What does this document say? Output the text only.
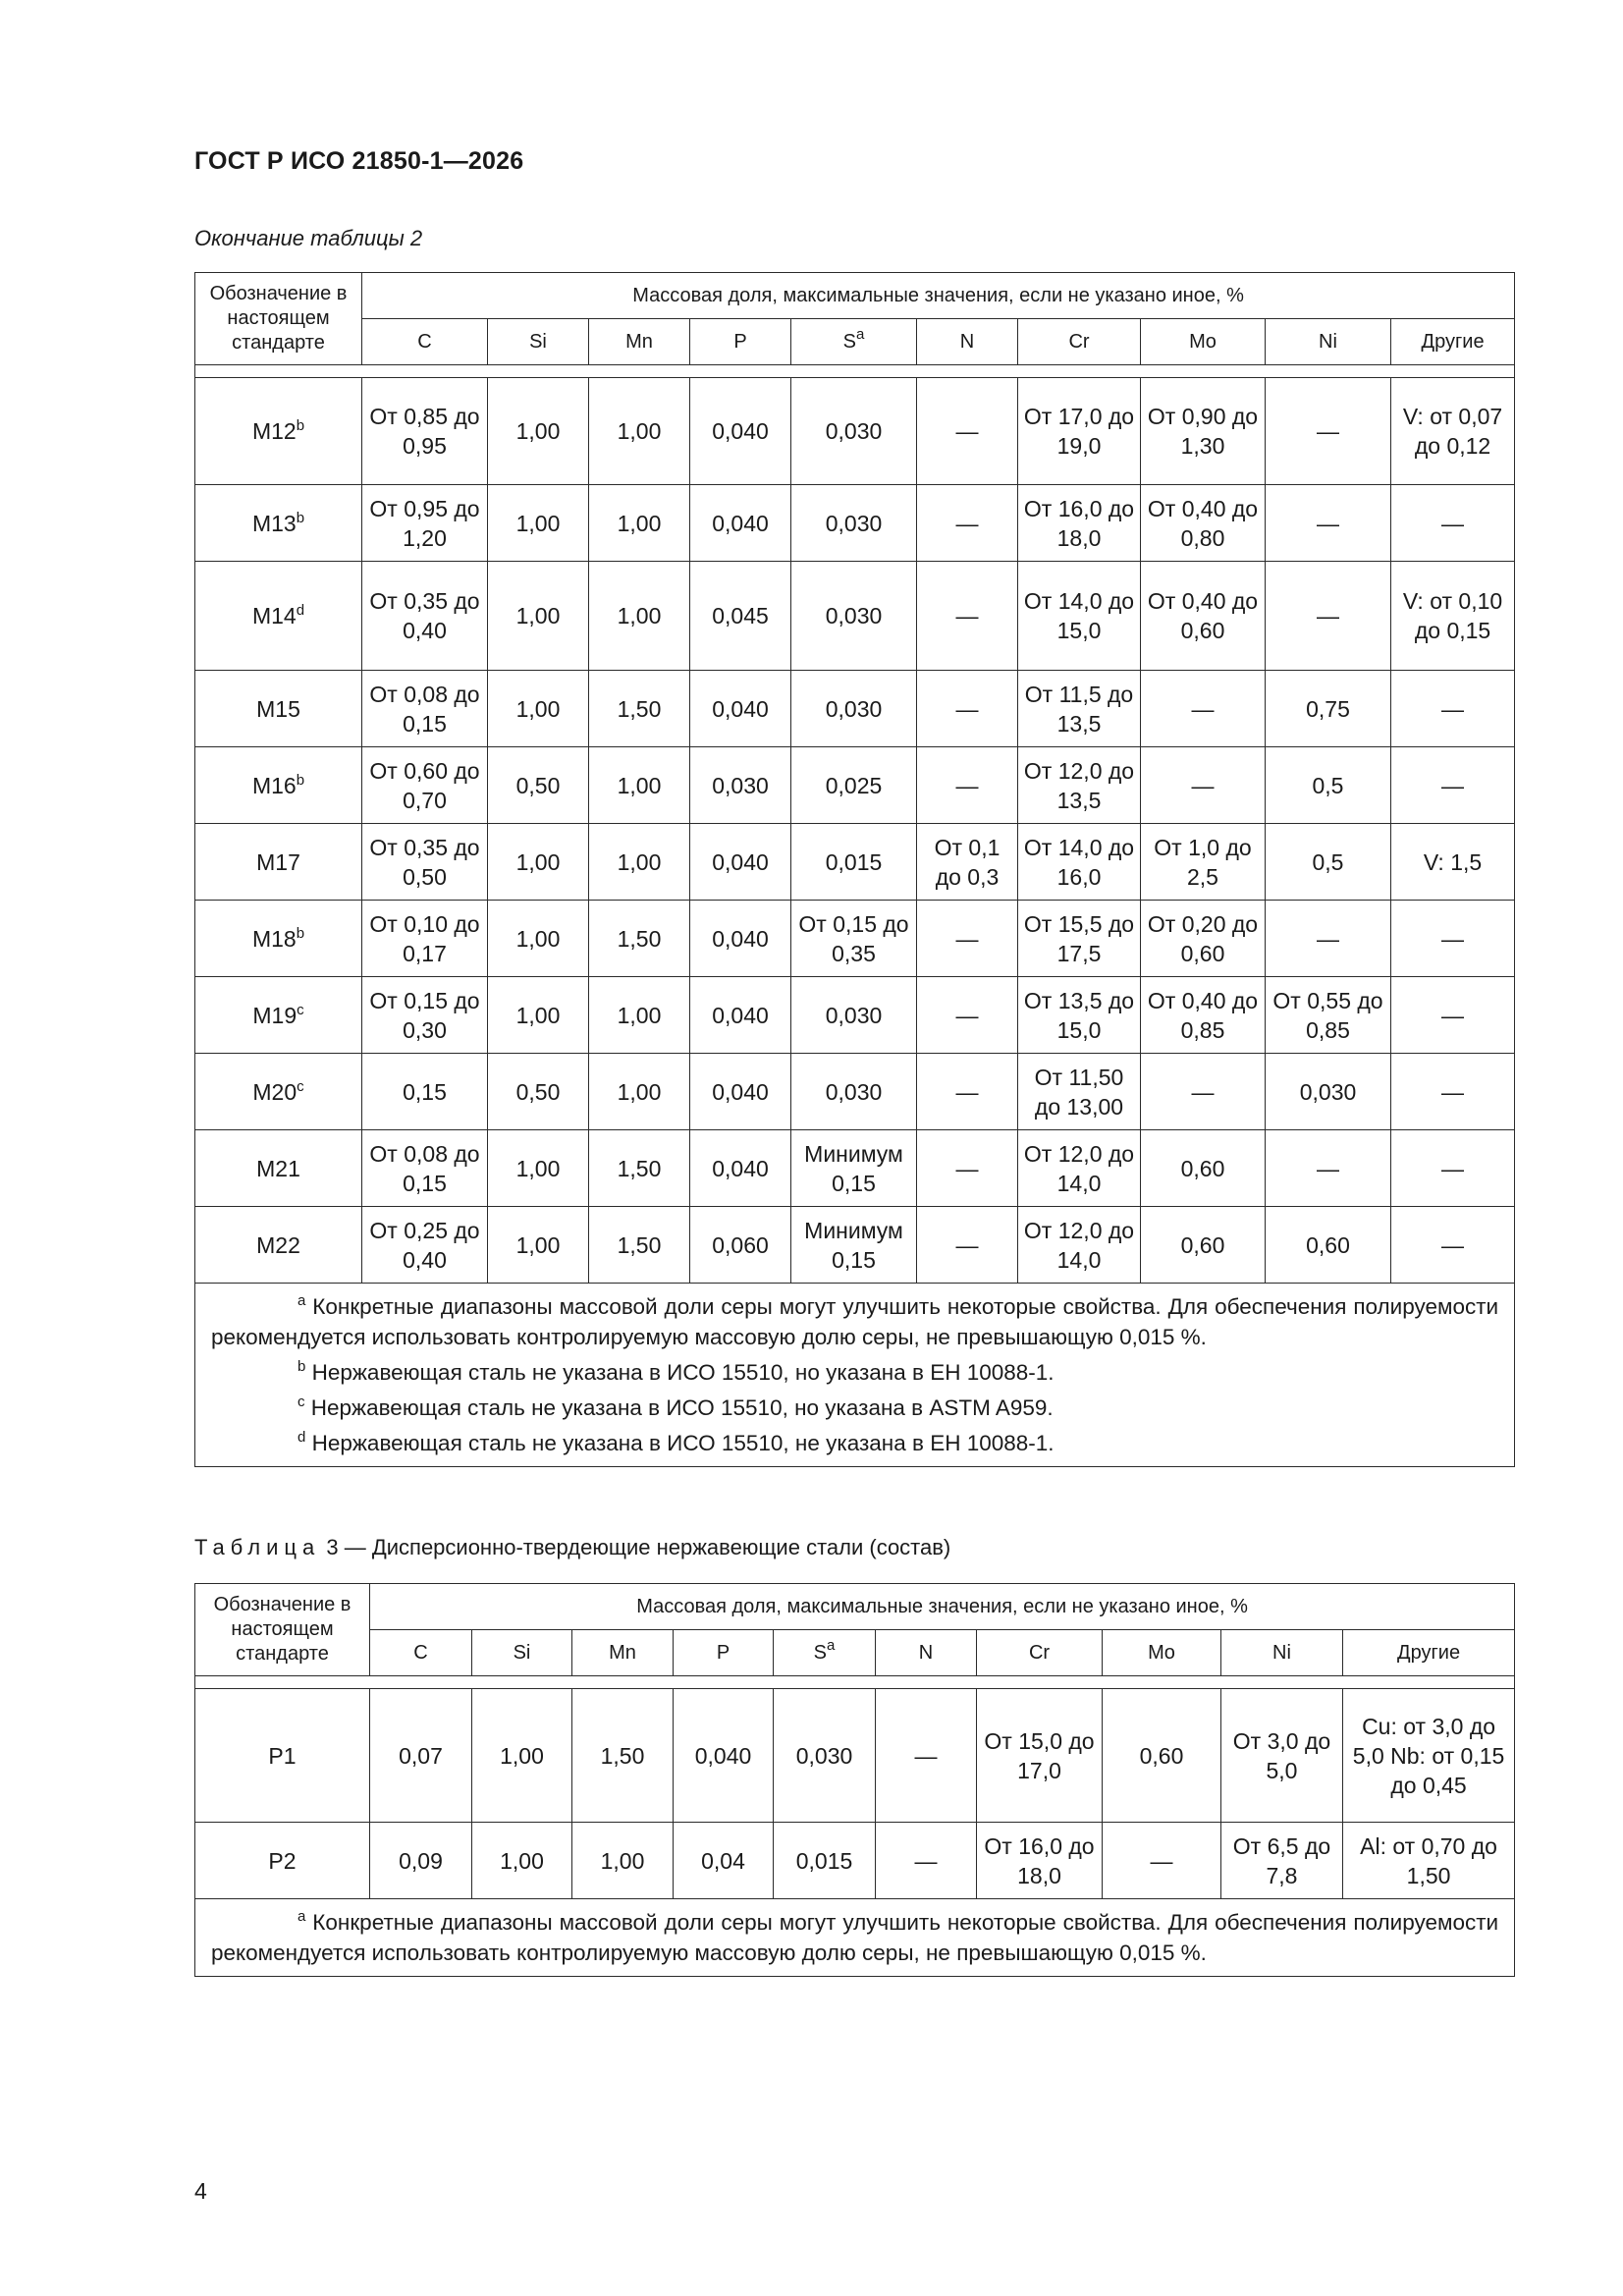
ГОСТ Р ИСО 21850-1—2026
Окончание таблицы 2
Обозначение в настоящем стандарте	Массовая доля, максимальные значения, если не указано иное, %									
	C	Si	Mn	P	$S^a$	N	Cr	Mo	Ni	Другие

M12$^b$	От 0,85 до 0,95	1,00	1,00	0,040	0,030	—	От 17,0 до 19,0	От 0,90 до 1,30	—	V: от 0,07 до 0,12
M13$^b$	От 0,95 до 1,20	1,00	1,00	0,040	0,030	—	От 16,0 до 18,0	От 0,40 до 0,80	—	—
M14$^d$	От 0,35 до 0,40	1,00	1,00	0,045	0,030	—	От 14,0 до 15,0	От 0,40 до 0,60	—	V: от 0,10 до 0,15
M15	От 0,08 до 0,15	1,00	1,50	0,040	0,030	—	От 11,5 до 13,5	—	0,75	—
M16$^b$	От 0,60 до 0,70	0,50	1,00	0,030	0,025	—	От 12,0 до 13,5	—	0,5	—
M17	От 0,35 до 0,50	1,00	1,00	0,040	0,015	От 0,1 до 0,3	От 14,0 до 16,0	От 1,0 до 2,5	0,5	V: 1,5
M18$^b$	От 0,10 до 0,17	1,00	1,50	0,040	От 0,15 до 0,35	—	От 15,5 до 17,5	От 0,20 до 0,60	—	—
M19$^c$	От 0,15 до 0,30	1,00	1,00	0,040	0,030	—	От 13,5 до 15,0	От 0,40 до 0,85	От 0,55 до 0,85	—
M20$^c$	0,15	0,50	1,00	0,040	0,030	—	От 11,50 до 13,00	—	0,030	—
M21	От 0,08 до 0,15	1,00	1,50	0,040	Минимум 0,15	—	От 12,0 до 14,0	0,60	—	—
M22	От 0,25 до 0,40	1,00	1,50	0,060	Минимум 0,15	—	От 12,0 до 14,0	0,60	0,60	—

$^a$ Конкретные диапазоны массовой доли серы могут улучшить некоторые свойства. Для обеспечения полируемости рекомендуется использовать контролируемую массовую долю серы, не превышающую 0,015 %.
$^b$ Нержавеющая сталь не указана в ИСО 15510, но указана в ЕН 10088-1.
$^c$ Нержавеющая сталь не указана в ИСО 15510, но указана в ASTM A959.
$^d$ Нержавеющая сталь не указана в ИСО 15510, не указана в ЕН 10088-1.										
Таблица 3 — Дисперсионно-твердеющие нержавеющие стали (состав)
Обозначение в настоящем стандарте	Массовая доля, максимальные значения, если не указано иное, %									
	C	Si	Mn	P	$S^a$	N	Cr	Mo	Ni	Другие

P1	0,07	1,00	1,50	0,040	0,030	—	От 15,0 до 17,0	0,60	От 3,0 до 5,0	Cu: от 3,0 до 5,0 Nb: от 0,15 до 0,45
P2	0,09	1,00	1,00	0,04	0,015	—	От 16,0 до 18,0	—	От 6,5 до 7,8	Al: от 0,70 до 1,50

$^a$ Конкретные диапазоны массовой доли серы могут улучшить некоторые свойства. Для обеспечения полируемости рекомендуется использовать контролируемую массовую долю серы, не превышающую 0,015 %.										
4
